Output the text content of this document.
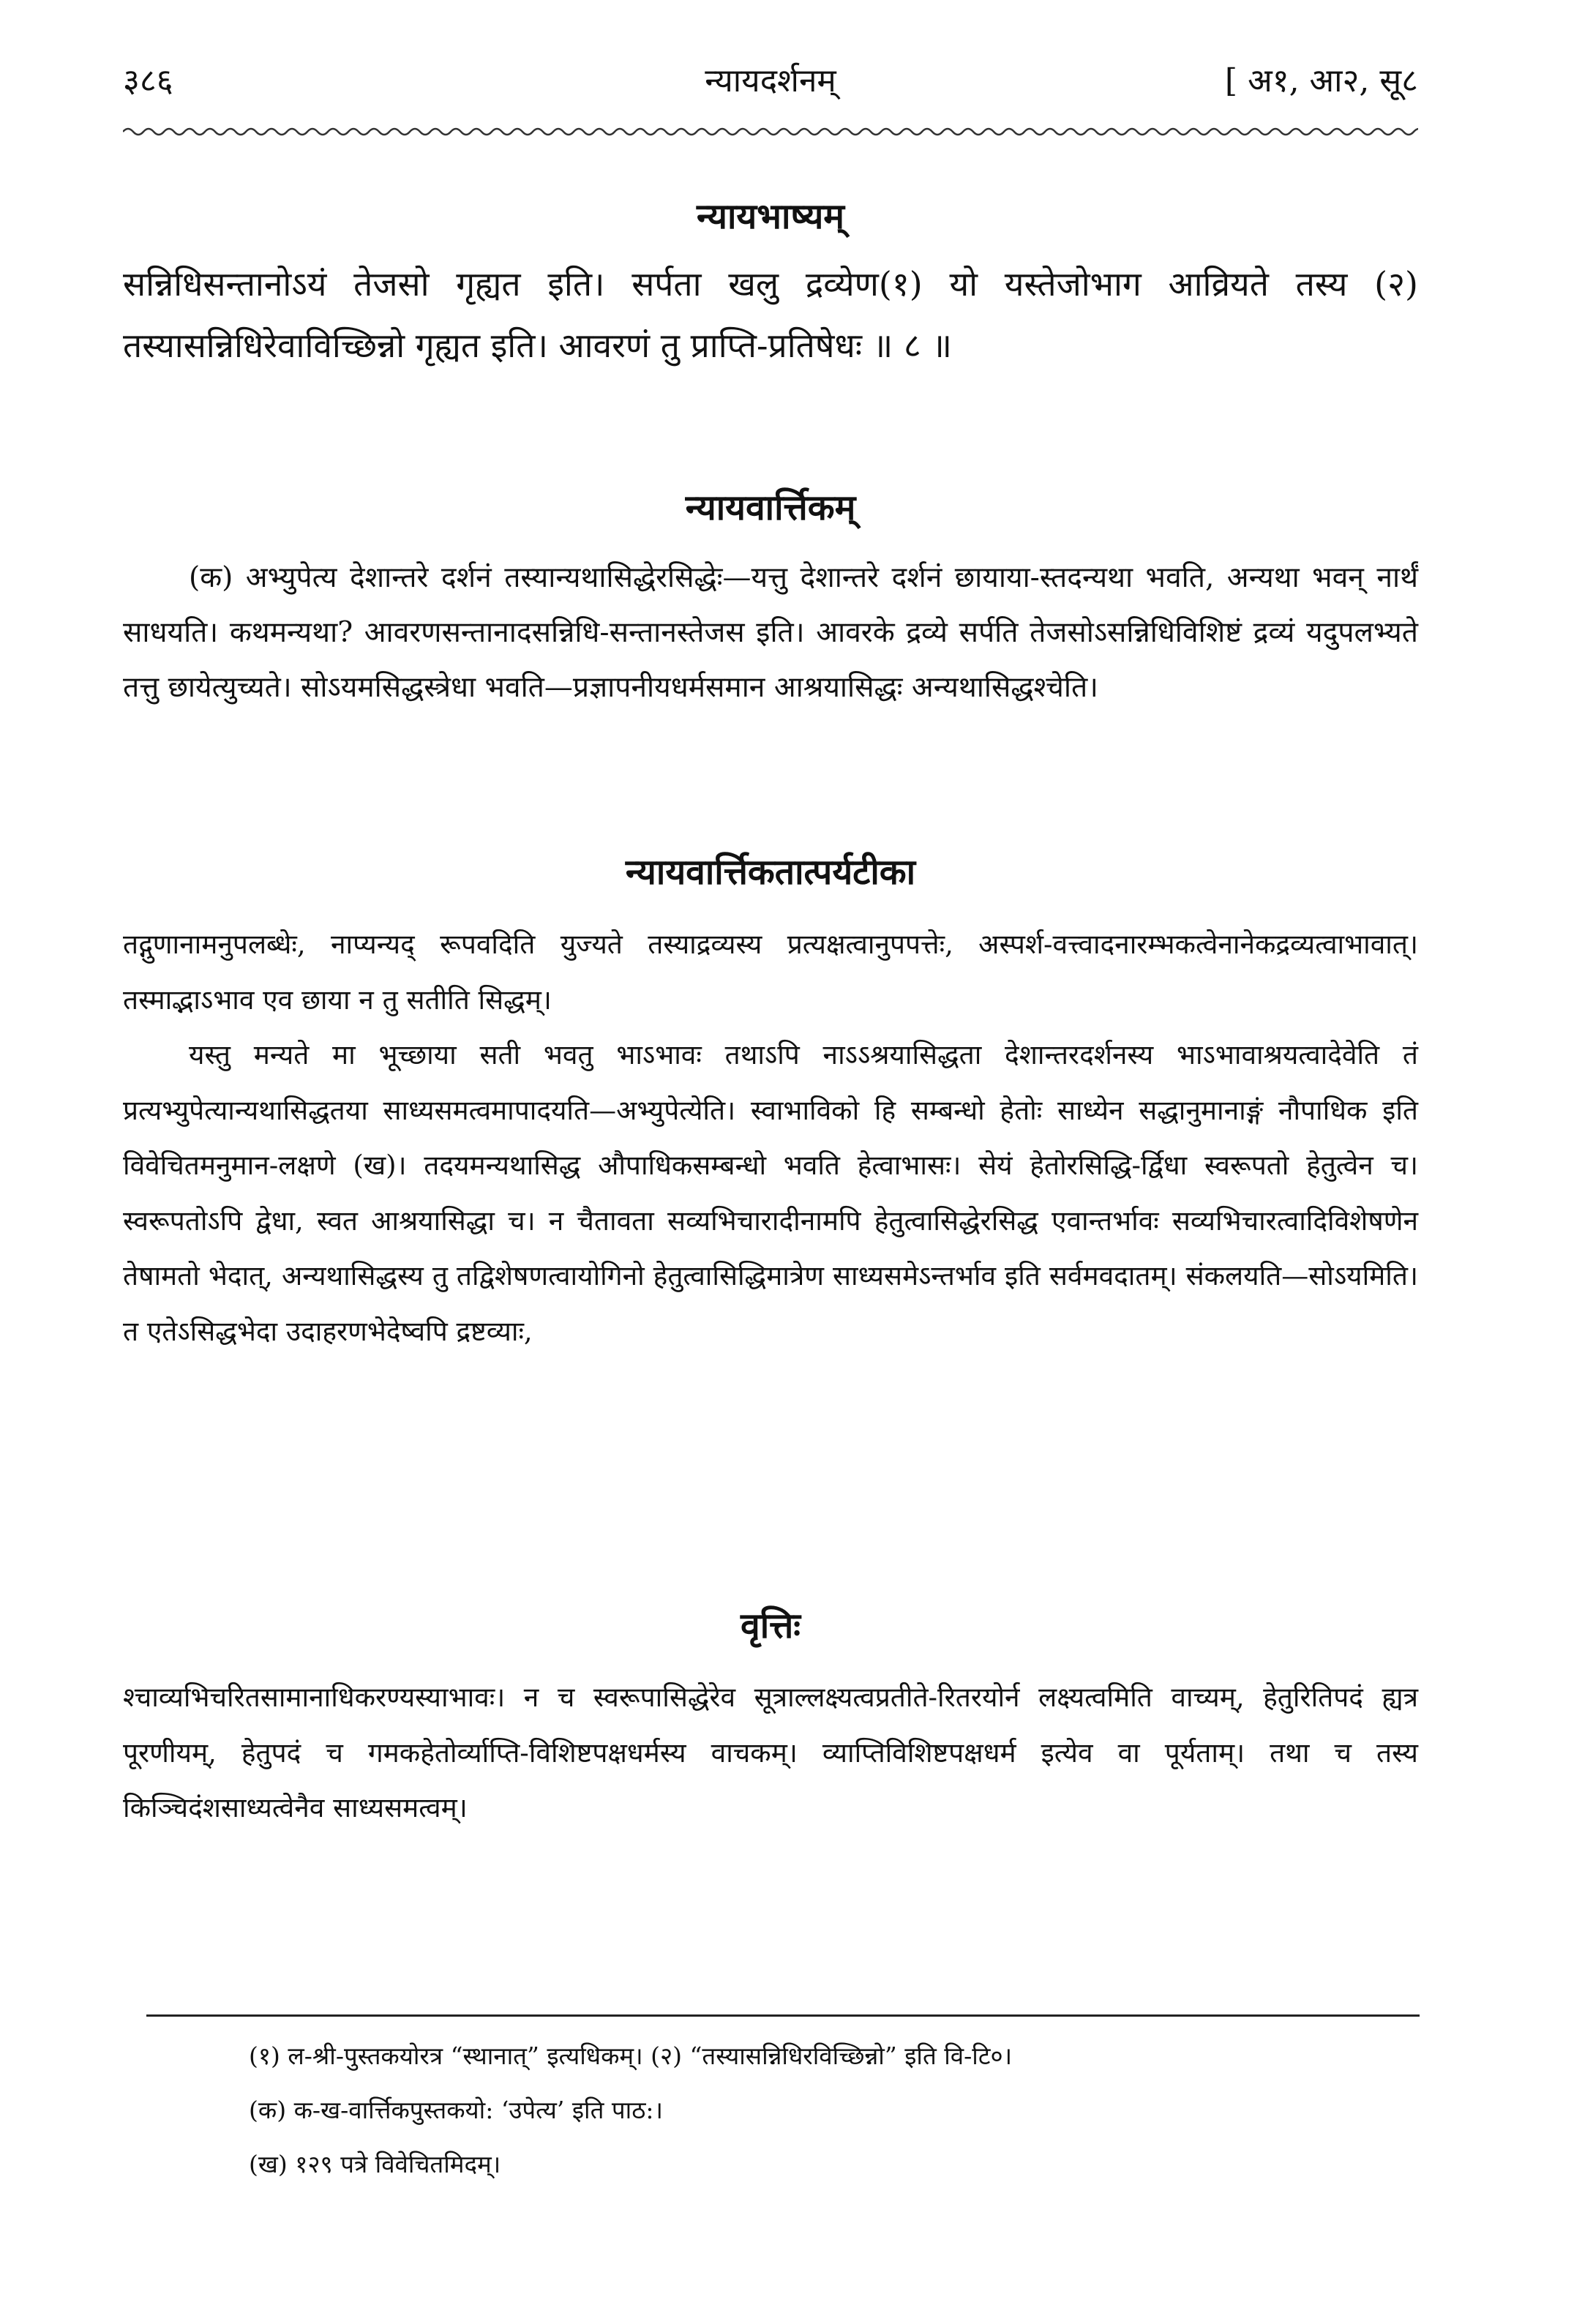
३८६	न्यायदर्शनम्	[ अ१, आ२, सू८
न्यायभाष्यम्
सन्निधिसन्तानोऽयं तेजसो गृह्यत इति। सर्पता खलु द्रव्येण(१) यो यस्तेजोभाग आव्रियते तस्य (२) तस्यासन्निधिरेवाविच्छिन्नो गृह्यत इति। आवरणं तु प्राप्ति-प्रतिषेधः ॥ ८ ॥
न्यायवार्त्तिकम्
(क) अभ्युपेत्य देशान्तरे दर्शनं तस्यान्यथासिद्धेरसिद्धेः—यत्तु देशान्तरे दर्शनं छायाया-स्तदन्यथा भवति, अन्यथा भवन् नार्थं साधयति। कथमन्यथा? आवरणसन्तानादसन्निधि-सन्तानस्तेजस इति। आवरके द्रव्ये सर्पति तेजसोऽसन्निधिविशिष्टं द्रव्यं यदुपलभ्यते तत्तु छायेत्युच्यते। सोऽयमसिद्धस्त्रेधा भवति—प्रज्ञापनीयधर्मसमान आश्रयासिद्धः अन्यथासिद्धश्चेति।
न्यायवार्त्तिकतात्पर्यटीका
तद्गुणानामनुपलब्धेः, नाप्यन्यद् रूपवदिति युज्यते तस्याद्रव्यस्य प्रत्यक्षत्वानुपपत्तेः, अस्पर्श-वत्त्वादनारम्भकत्वेनानेकद्रव्यत्वाभावात्। तस्माद्भाऽभाव एव छाया न तु सतीति सिद्धम्।
यस्तु मन्यते मा भूच्छाया सती भवतु भाऽभावः तथाऽपि नाऽऽश्रयासिद्धता देशान्तरदर्शनस्य भाऽभावाश्रयत्वादेवेति तं प्रत्यभ्युपेत्यान्यथासिद्धतया साध्यसमत्वमापादयति—अभ्युपेत्येति। स्वाभाविको हि सम्बन्धो हेतोः साध्येन सद्धानुमानाङ्गं नौपाधिक इति विवेचितमनुमान-लक्षणे (ख)। तदयमन्यथासिद्ध औपाधिकसम्बन्धो भवति हेत्वाभासः। सेयं हेतोरसिद्धि-र्द्विधा स्वरूपतो हेतुत्वेन च। स्वरूपतोऽपि द्वेधा, स्वत आश्रयासिद्धा च। न चैतावता सव्यभिचारादीनामपि हेतुत्वासिद्धेरसिद्ध एवान्तर्भावः सव्यभिचारत्वादिविशेषणेन तेषामतो भेदात्, अन्यथासिद्धस्य तु तद्विशेषणत्वायोगिनो हेतुत्वासिद्धिमात्रेण साध्यसमेऽन्तर्भाव इति सर्वमवदातम्। संकलयति—सोऽयमिति। त एतेऽसिद्धभेदा उदाहरणभेदेष्वपि द्रष्टव्याः,
वृत्तिः
श्चाव्यभिचरितसामानाधिकरण्यस्याभावः। न च स्वरूपासिद्धेरेव सूत्राल्लक्ष्यत्वप्रतीते-रितरयोर्न लक्ष्यत्वमिति वाच्यम्, हेतुरितिपदं ह्यत्र पूरणीयम्, हेतुपदं च गमकहेतोर्व्याप्ति-विशिष्टपक्षधर्मस्य वाचकम्। व्याप्तिविशिष्टपक्षधर्म इत्येव वा पूर्यताम्। तथा च तस्य किञ्चिदंशसाध्यत्वेनैव साध्यसमत्वम्।
(१) ल-श्री-पुस्तकयोरत्र “स्थानात्” इत्यधिकम्। (२) “तस्यासन्निधिरविच्छिन्नो” इति वि-टि०।
(क) क-ख-वार्त्तिकपुस्तकयो: ‘उपेत्य’ इति पाठ:।
(ख) १२९ पत्रे विवेचितमिदम्।
